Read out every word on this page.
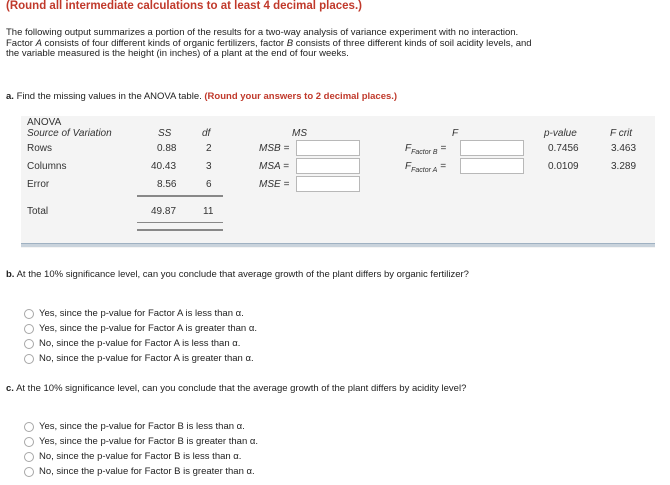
(Round all intermediate calculations to at least 4 decimal places.)
The following output summarizes a portion of the results for a two-way analysis of variance experiment with no interaction. Factor A consists of four different kinds of organic fertilizers, factor B consists of three different kinds of soil acidity levels, and the variable measured is the height (in inches) of a plant at the end of four weeks.
a. Find the missing values in the ANOVA table. (Round your answers to 2 decimal places.)
ANOVA
Source of Variation	SS	df	MS	F	p-value	F crit
Rows	0.88	2	MSB =	$F_{Factor B}$ =	0.7456	3.463
Columns	40.43	3	MSA =	$F_{Factor A}$ =	0.0109	3.289
Error	8.56	6	MSE =
Total	49.87	11
b. At the 10% significance level, can you conclude that average growth of the plant differs by organic fertilizer?
Yes, since the p-value for Factor A is less than α.
Yes, since the p-value for Factor A is greater than α.
No, since the p-value for Factor A is less than α.
No, since the p-value for Factor A is greater than α.
c. At the 10% significance level, can you conclude that the average growth of the plant differs by acidity level?
Yes, since the p-value for Factor B is less than α.
Yes, since the p-value for Factor B is greater than α.
No, since the p-value for Factor B is less than α.
No, since the p-value for Factor B is greater than α.
